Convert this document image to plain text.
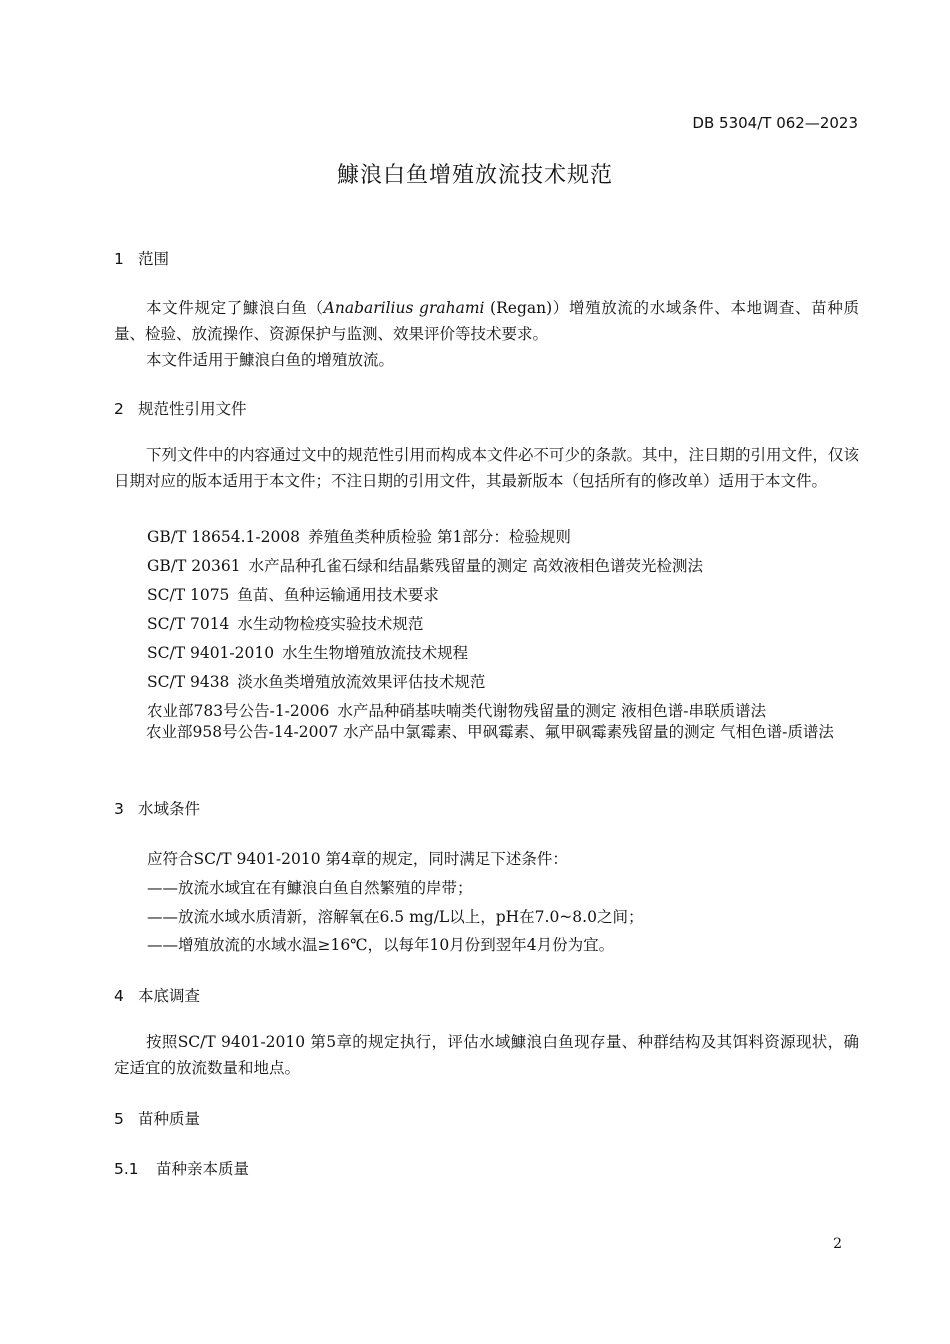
DB 5304/T 062—2023
鱇浪白鱼增殖放流技术规范
1 范围

本文件规定了鱇浪白鱼（Anabarilius grahami (Regan)）增殖放流的水域条件、本地调查、苗种质量、检验、放流操作、资源保护与监测、效果评价等技术要求。

本文件适用于鱇浪白鱼的增殖放流。

2 规范性引用文件

下列文件中的内容通过文中的规范性引用而构成本文件必不可少的条款。其中，注日期的引用文件，仅该日期对应的版本适用于本文件；不注日期的引用文件，其最新版本（包括所有的修改单）适用于本文件。

GB/T 18654.1-2008 养殖鱼类种质检验 第1部分：检验规则
GB/T 20361 水产品种孔雀石绿和结晶紫残留量的测定 高效液相色谱荧光检测法
SC/T 1075 鱼苗、鱼种运输通用技术要求
SC/T 7014 水生动物检疫实验技术规范
SC/T 9401-2010 水生生物增殖放流技术规程
SC/T 9438 淡水鱼类增殖放流效果评估技术规范
农业部783号公告-1-2006 水产品种硝基呋喃类代谢物残留量的测定 液相色谱-串联质谱法

农业部958号公告-14-2007 水产品中氯霉素、甲砜霉素、氟甲砜霉素残留量的测定 气相色谱-质谱法

3 水域条件
应符合SC/T 9401-2010 第4章的规定，同时满足下述条件：
——放流水域宜在有鱇浪白鱼自然繁殖的岸带；
——放流水域水质清新，溶解氧在6.5 mg/L以上，pH在7.0~8.0之间；
——增殖放流的水域水温≥16℃，以每年10月份到翌年4月份为宜。
4 本底调查

按照SC/T 9401-2010 第5章的规定执行，评估水域鱇浪白鱼现存量、种群结构及其饵料资源现状，确定适宜的放流数量和地点。

5 苗种质量
5.1 苗种亲本质量
2
